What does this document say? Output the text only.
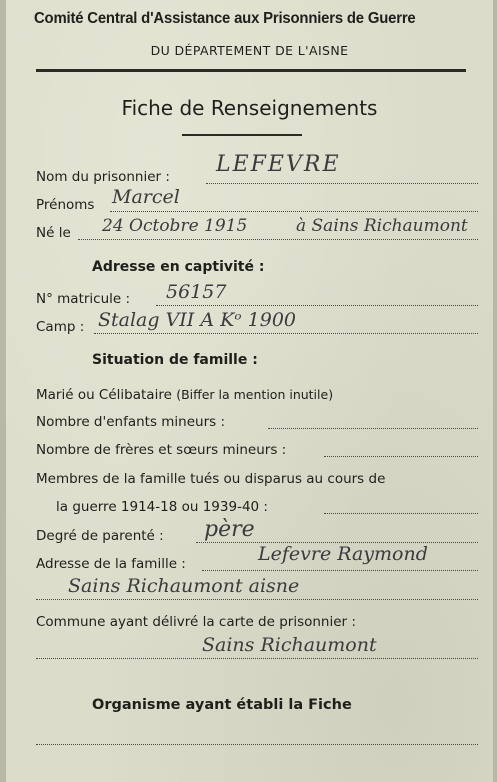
Comité Central d'Assistance aux Prisonniers de Guerre
DU DÉPARTEMENT DE L'AISNE
Fiche de Renseignements
Nom du prisonnier : LEFEVRE
Prénoms Marcel
Né le 24 Octobre 1915	à Sains Richaumont
Adresse en captivité :
N° matricule : 56157
Camp : Stalag VII A Kᵒ 1900
Situation de famille :
Marié ou Célibataire (Biffer la mention inutile)
Nombre d'enfants mineurs :
Nombre de frères et sœurs mineurs :
Membres de la famille tués ou disparus au cours de
la guerre 1914-18 ou 1939-40 :
Degré de parenté : père
Adresse de la famille :	Lefevre Raymond
Sains Richaumont aisne
Commune ayant délivré la carte de prisonnier :
Sains Richaumont
Organisme ayant établi la Fiche
